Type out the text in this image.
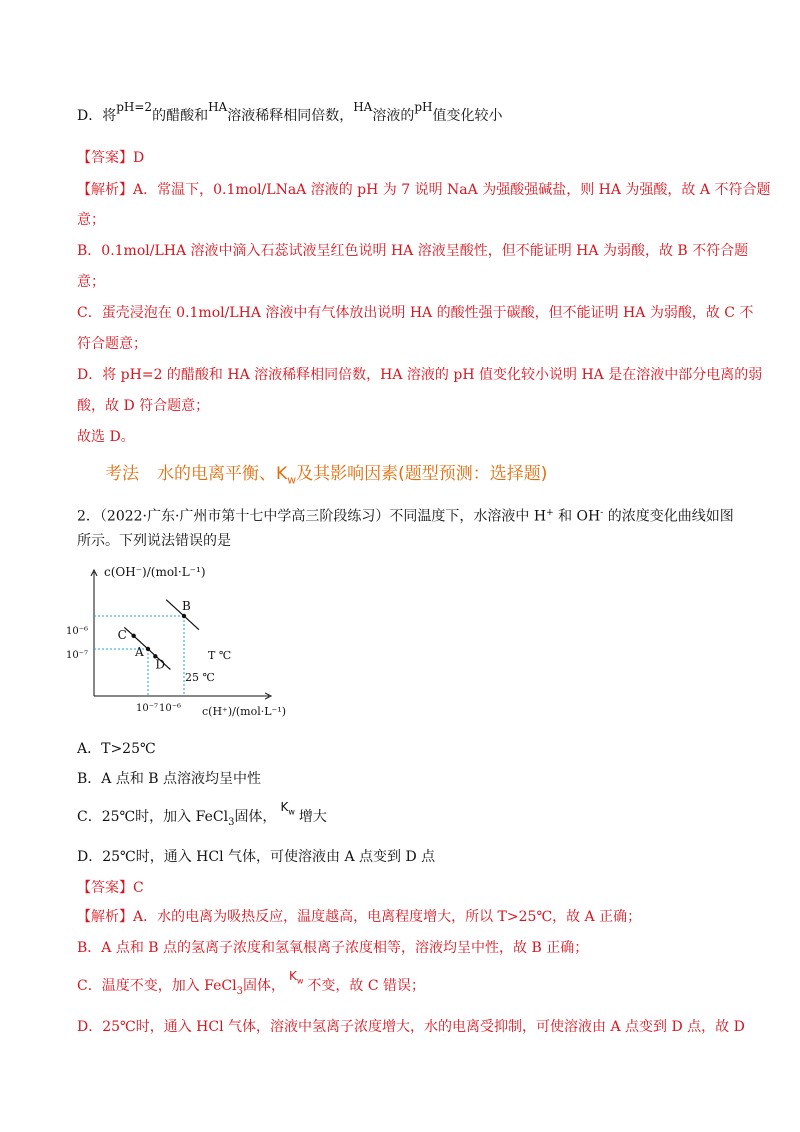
D．将pH=2的醋酸和HA溶液稀释相同倍数，HA溶液的pH值变化较小
【答案】D
【解析】A．常温下，0.1mol/LNaA 溶液的 pH 为 7 说明 NaA 为强酸强碱盐，则 HA 为强酸，故 A 不符合题
意；
B．0.1mol/LHA 溶液中滴入石蕊试液呈红色说明 HA 溶液呈酸性，但不能证明 HA 为弱酸，故 B 不符合题
意；
C．蛋壳浸泡在 0.1mol/LHA 溶液中有气体放出说明 HA 的酸性强于碳酸，但不能证明 HA 为弱酸，故 C 不
符合题意；
D．将 pH=2 的醋酸和 HA 溶液稀释相同倍数，HA 溶液的 pH 值变化较小说明 HA 是在溶液中部分电离的弱
酸，故 D 符合题意；
故选 D。
考法 水的电离平衡、$K_w$及其影响因素(题型预测：选择题)
2．（2022·广东·广州市第十七中学高三阶段练习）不同温度下，水溶液中 H+ 和 OH- 的浓度变化曲线如图
所示。下列说法错误的是
c(OH⁻)/(mol·L⁻¹)
c(H⁺)/(mol·L⁻¹)
T ℃
25 ℃
10⁻⁶
10⁻⁷
10⁻⁷ 10⁻⁶
A
B
C
D
A．T>25℃
B．A 点和 B 点溶液均呈中性
C．25℃时，加入 FeCl$_3$固体，$K_w$ 增大
D．25℃时，通入 HCl 气体，可使溶液由 A 点变到 D 点
【答案】C
【解析】A．水的电离为吸热反应，温度越高，电离程度增大，所以 T>25℃，故 A 正确；
B．A 点和 B 点的氢离子浓度和氢氧根离子浓度相等，溶液均呈中性，故 B 正确；
C．温度不变，加入 FeCl$_3$固体，$K_w$ 不变，故 C 错误；
D．25℃时，通入 HCl 气体，溶液中氢离子浓度增大，水的电离受抑制，可使溶液由 A 点变到 D 点，故 D
